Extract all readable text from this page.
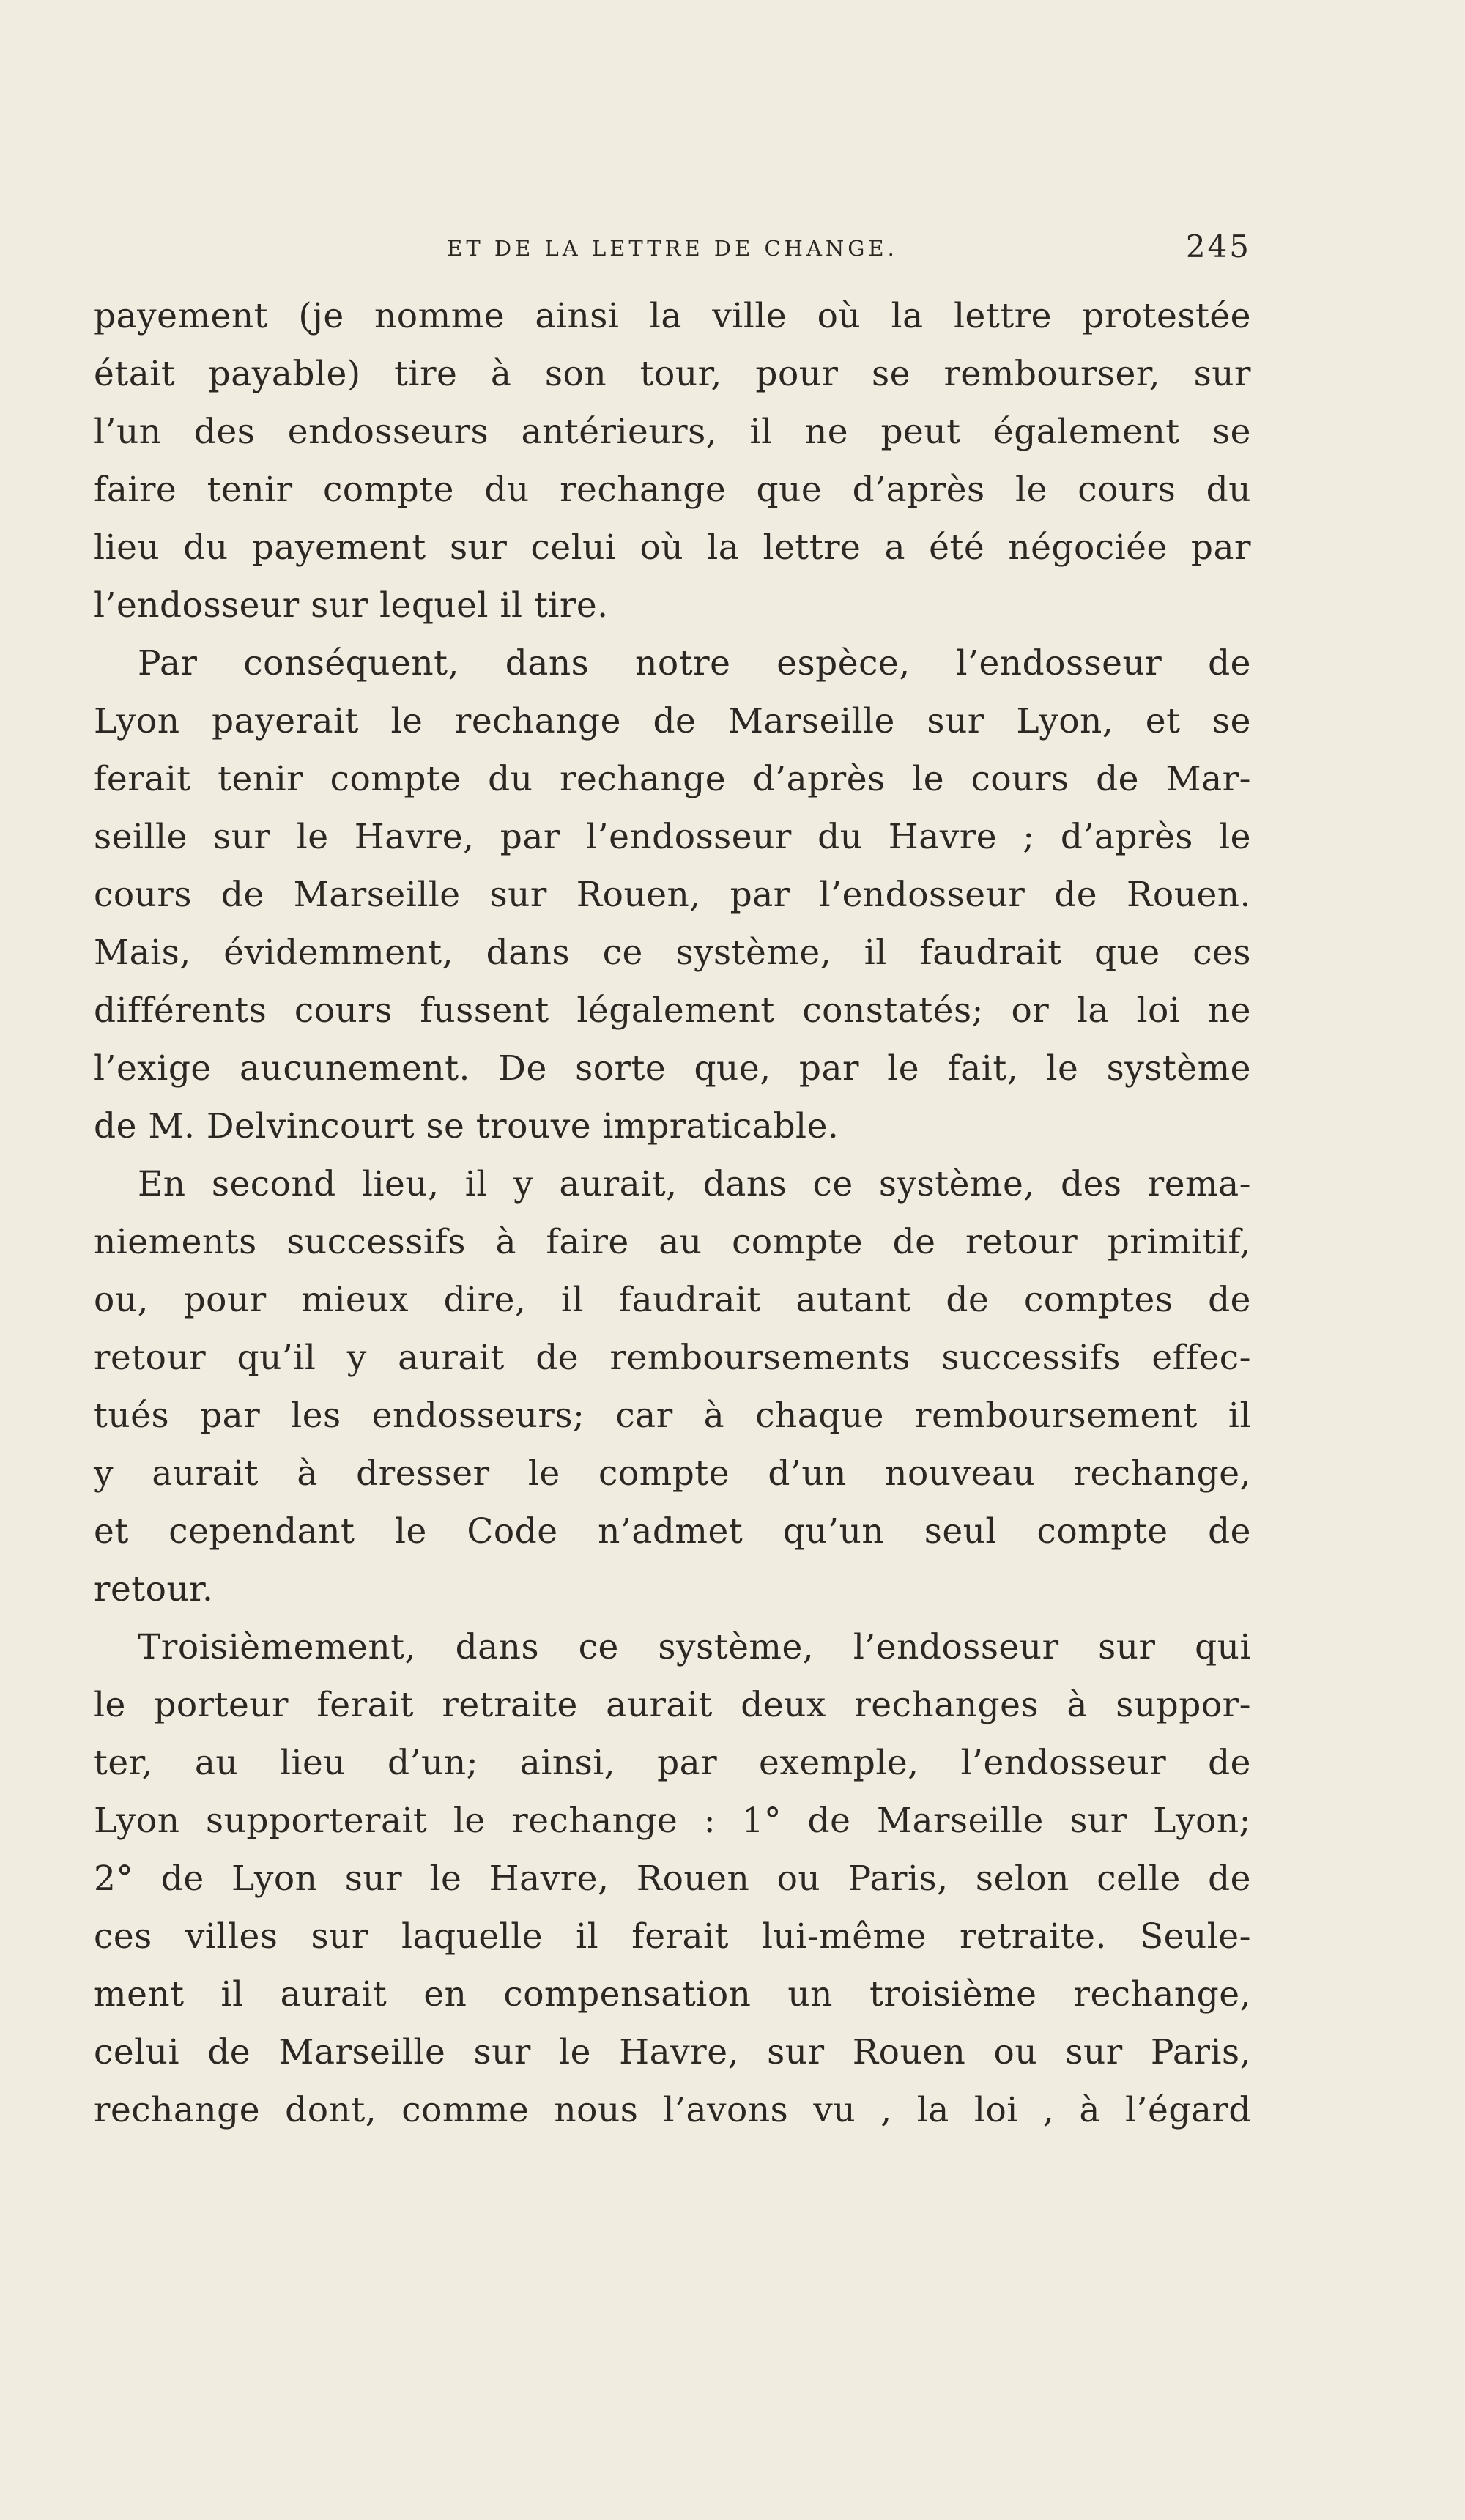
ET DE LA LETTRE DE CHANGE.	245
payement (je nomme ainsi la ville où la lettre protestée
était payable) tire à son tour, pour se rembourser, sur
l’un des endosseurs antérieurs, il ne peut également se
faire tenir compte du rechange que d’après le cours du
lieu du payement sur celui où la lettre a été négociée par
l’endosseur sur lequel il tire.
Par conséquent, dans notre espèce, l’endosseur de
Lyon payerait le rechange de Marseille sur Lyon, et se
ferait tenir compte du rechange d’après le cours de Mar-
seille sur le Havre, par l’endosseur du Havre ; d’après le
cours de Marseille sur Rouen, par l’endosseur de Rouen.
Mais, évidemment, dans ce système, il faudrait que ces
différents cours fussent légalement constatés; or la loi ne
l’exige aucunement. De sorte que, par le fait, le système
de M. Delvincourt se trouve impraticable.
En second lieu, il y aurait, dans ce système, des rema-
niements successifs à faire au compte de retour primitif,
ou, pour mieux dire, il faudrait autant de comptes de
retour qu’il y aurait de remboursements successifs effec-
tués par les endosseurs; car à chaque remboursement il
y aurait à dresser le compte d’un nouveau rechange,
et cependant le Code n’admet qu’un seul compte de
retour.
Troisièmement, dans ce système, l’endosseur sur qui
le porteur ferait retraite aurait deux rechanges à suppor-
ter, au lieu d’un; ainsi, par exemple, l’endosseur de
Lyon supporterait le rechange : 1° de Marseille sur Lyon;
2° de Lyon sur le Havre, Rouen ou Paris, selon celle de
ces villes sur laquelle il ferait lui-même retraite. Seule-
ment il aurait en compensation un troisième rechange,
celui de Marseille sur le Havre, sur Rouen ou sur Paris,
rechange dont, comme nous l’avons vu , la loi , à l’égard
